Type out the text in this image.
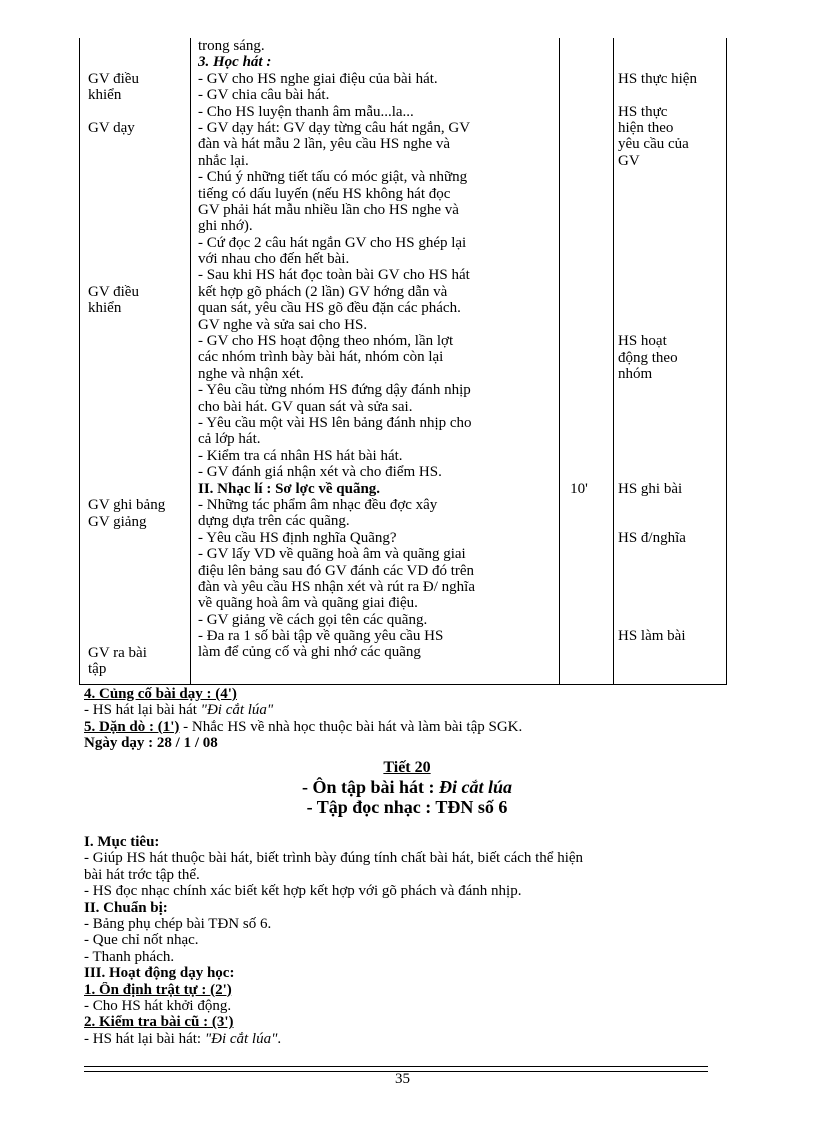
GV điều
khiển
GV dạy
GV điều
khiển
GV ghi bảng
GV giảng
GV ra bài
tập
trong sáng.
3. Học hát :
- GV cho HS nghe giai điệu của bài hát.
- GV chia câu bài hát.
- Cho HS luyện thanh âm mẫu...la...
- GV dạy hát: GV dạy từng câu hát ngắn, GV
đàn và hát mẫu 2 lần, yêu cầu HS nghe và
nhắc lại.
- Chú ý những tiết tấu có móc giật, và những
tiếng có dấu luyến (nếu HS không hát đọc
GV phải hát mẫu nhiều lần cho HS nghe và
ghi nhớ).
- Cứ đọc 2 câu hát ngắn GV cho HS ghép lại
với nhau cho đến hết bài.
- Sau khi HS hát đọc toàn bài GV cho HS hát
kết hợp gõ phách (2 lần) GV hớng dẫn và
quan sát, yêu cầu HS gõ đều đặn các phách.
GV nghe và sửa sai cho HS.
- GV cho HS hoạt động theo nhóm, lần lợt
các nhóm trình bày bài hát, nhóm còn lại
nghe và nhận xét.
- Yêu cầu từng nhóm HS đứng dậy đánh nhịp
cho bài hát. GV quan sát và sửa sai.
- Yêu cầu một vài HS lên bảng đánh nhịp cho
cả lớp hát.
- Kiểm tra cá nhân HS hát bài hát.
- GV đánh giá nhận xét và cho điểm HS.
II. Nhạc lí : Sơ lợc về quãng.
- Những tác phẩm âm nhạc đều đợc xây
dựng dựa trên các quãng.
- Yêu cầu HS định nghĩa Quãng?
- GV lấy VD về quãng hoà âm và quãng giai
điệu lên bảng sau đó GV đánh các VD đó trên
đàn và yêu cầu HS nhận xét và rút ra Đ/ nghĩa
về quãng hoà âm và quãng giai điệu.
- GV giảng về cách gọi tên các quãng.
- Đa ra 1 số bài tập về quãng yêu cầu HS
làm để củng cố và ghi nhớ các quãng
10'
HS thực hiện
HS thực
hiện theo
yêu cầu của
GV
HS hoạt
động theo
nhóm
HS ghi bài
HS đ/nghĩa
HS làm bài
4. Củng cố bài dạy : (4')
- HS hát lại bài hát "Đi cắt lúa"
5. Dặn dò : (1') - Nhắc HS về nhà học thuộc bài hát và làm bài tập SGK.
Ngày dạy : 28 / 1 / 08
Tiết 20
- Ôn tập bài hát : Đi cắt lúa
- Tập đọc nhạc : TĐN số 6
I. Mục tiêu:
- Giúp HS hát thuộc bài hát, biết trình bày đúng tính chất bài hát, biết cách thể hiện
bài hát trớc tập thể.
- HS đọc nhạc chính xác biết kết hợp kết hợp với gõ phách và đánh nhịp.
II. Chuẩn bị:
- Bảng phụ chép bài TĐN số 6.
- Que chỉ nốt nhạc.
- Thanh phách.
III. Hoạt động dạy học:
1. Ổn định trật tự : (2')
- Cho HS hát khởi động.
2. Kiểm tra bài cũ : (3')
- HS hát lại bài hát: "Đi cắt lúa".
35
